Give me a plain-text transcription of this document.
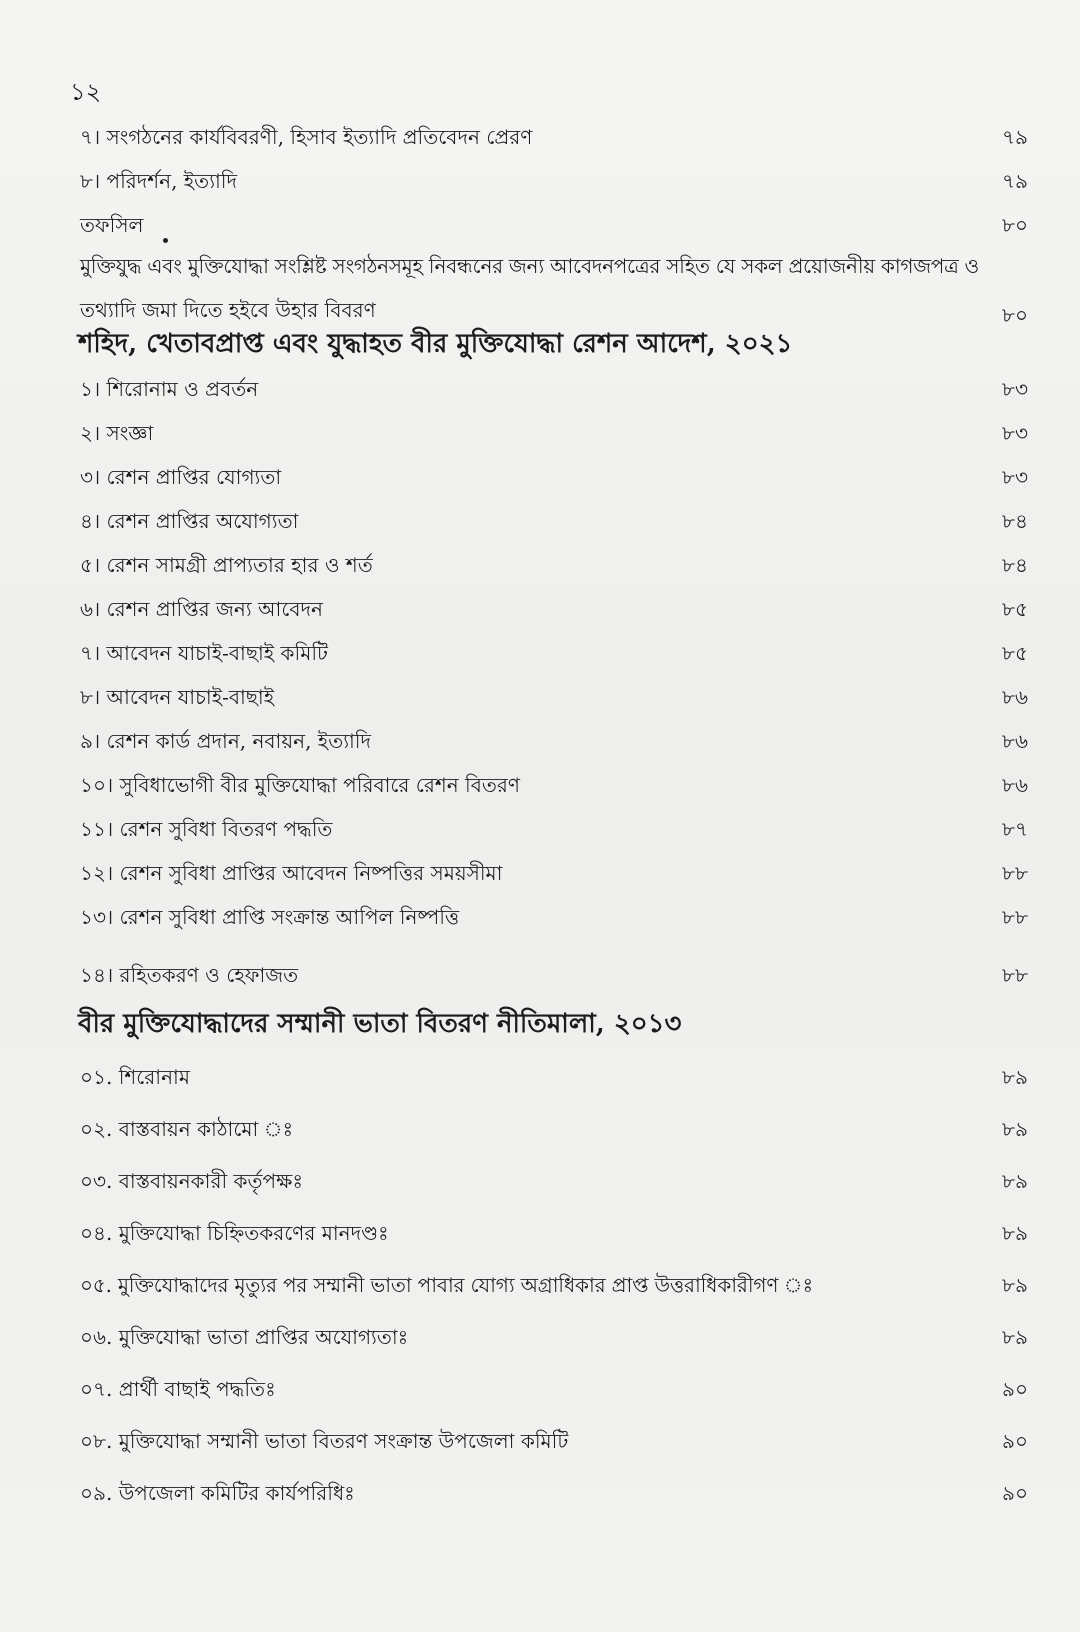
১২
৭। সংগঠনের কার্যবিবরণী, হিসাব ইত্যাদি প্রতিবেদন প্রেরণ	৭৯
৮। পরিদর্শন, ইত্যাদি	৭৯
তফসিল	৮০
মুক্তিযুদ্ধ এবং মুক্তিযোদ্ধা সংশ্লিষ্ট সংগঠনসমূহ নিবন্ধনের জন্য আবেদনপত্রের সহিত যে সকল প্রয়োজনীয় কাগজপত্র ও
তথ্যাদি জমা দিতে হইবে উহার বিবরণ	৮০
শহিদ, খেতাবপ্রাপ্ত এবং যুদ্ধাহত বীর মুক্তিযোদ্ধা রেশন আদেশ, ২০২১
১। শিরোনাম ও প্রবর্তন	৮৩
২। সংজ্ঞা	৮৩
৩। রেশন প্রাপ্তির যোগ্যতা	৮৩
৪। রেশন প্রাপ্তির অযোগ্যতা	৮৪
৫। রেশন সামগ্রী প্রাপ্যতার হার ও শর্ত	৮৪
৬। রেশন প্রাপ্তির জন্য আবেদন	৮৫
৭। আবেদন যাচাই-বাছাই কমিটি	৮৫
৮। আবেদন যাচাই-বাছাই	৮৬
৯। রেশন কার্ড প্রদান, নবায়ন, ইত্যাদি	৮৬
১০। সুবিধাভোগী বীর মুক্তিযোদ্ধা পরিবারে রেশন বিতরণ	৮৬
১১। রেশন সুবিধা বিতরণ পদ্ধতি	৮৭
১২। রেশন সুবিধা প্রাপ্তির আবেদন নিষ্পত্তির সময়সীমা	৮৮
১৩। রেশন সুবিধা প্রাপ্তি সংক্রান্ত আপিল নিষ্পত্তি	৮৮
১৪। রহিতকরণ ও হেফাজত	৮৮
বীর মুক্তিযোদ্ধাদের সম্মানী ভাতা বিতরণ নীতিমালা, ২০১৩
০১. শিরোনাম	৮৯
০২. বাস্তবায়ন কাঠামো ঃ	৮৯
০৩. বাস্তবায়নকারী কর্তৃপক্ষঃ	৮৯
০৪. মুক্তিযোদ্ধা চিহ্নিতকরণের মানদণ্ডঃ	৮৯
০৫. মুক্তিযোদ্ধাদের মৃত্যুর পর সম্মানী ভাতা পাবার যোগ্য অগ্রাধিকার প্রাপ্ত উত্তরাধিকারীগণ ঃ	৮৯
০৬. মুক্তিযোদ্ধা ভাতা প্রাপ্তির অযোগ্যতাঃ	৮৯
০৭. প্রার্থী বাছাই পদ্ধতিঃ	৯০
০৮. মুক্তিযোদ্ধা সম্মানী ভাতা বিতরণ সংক্রান্ত উপজেলা কমিটি	৯০
০৯. উপজেলা কমিটির কার্যপরিধিঃ	৯০
